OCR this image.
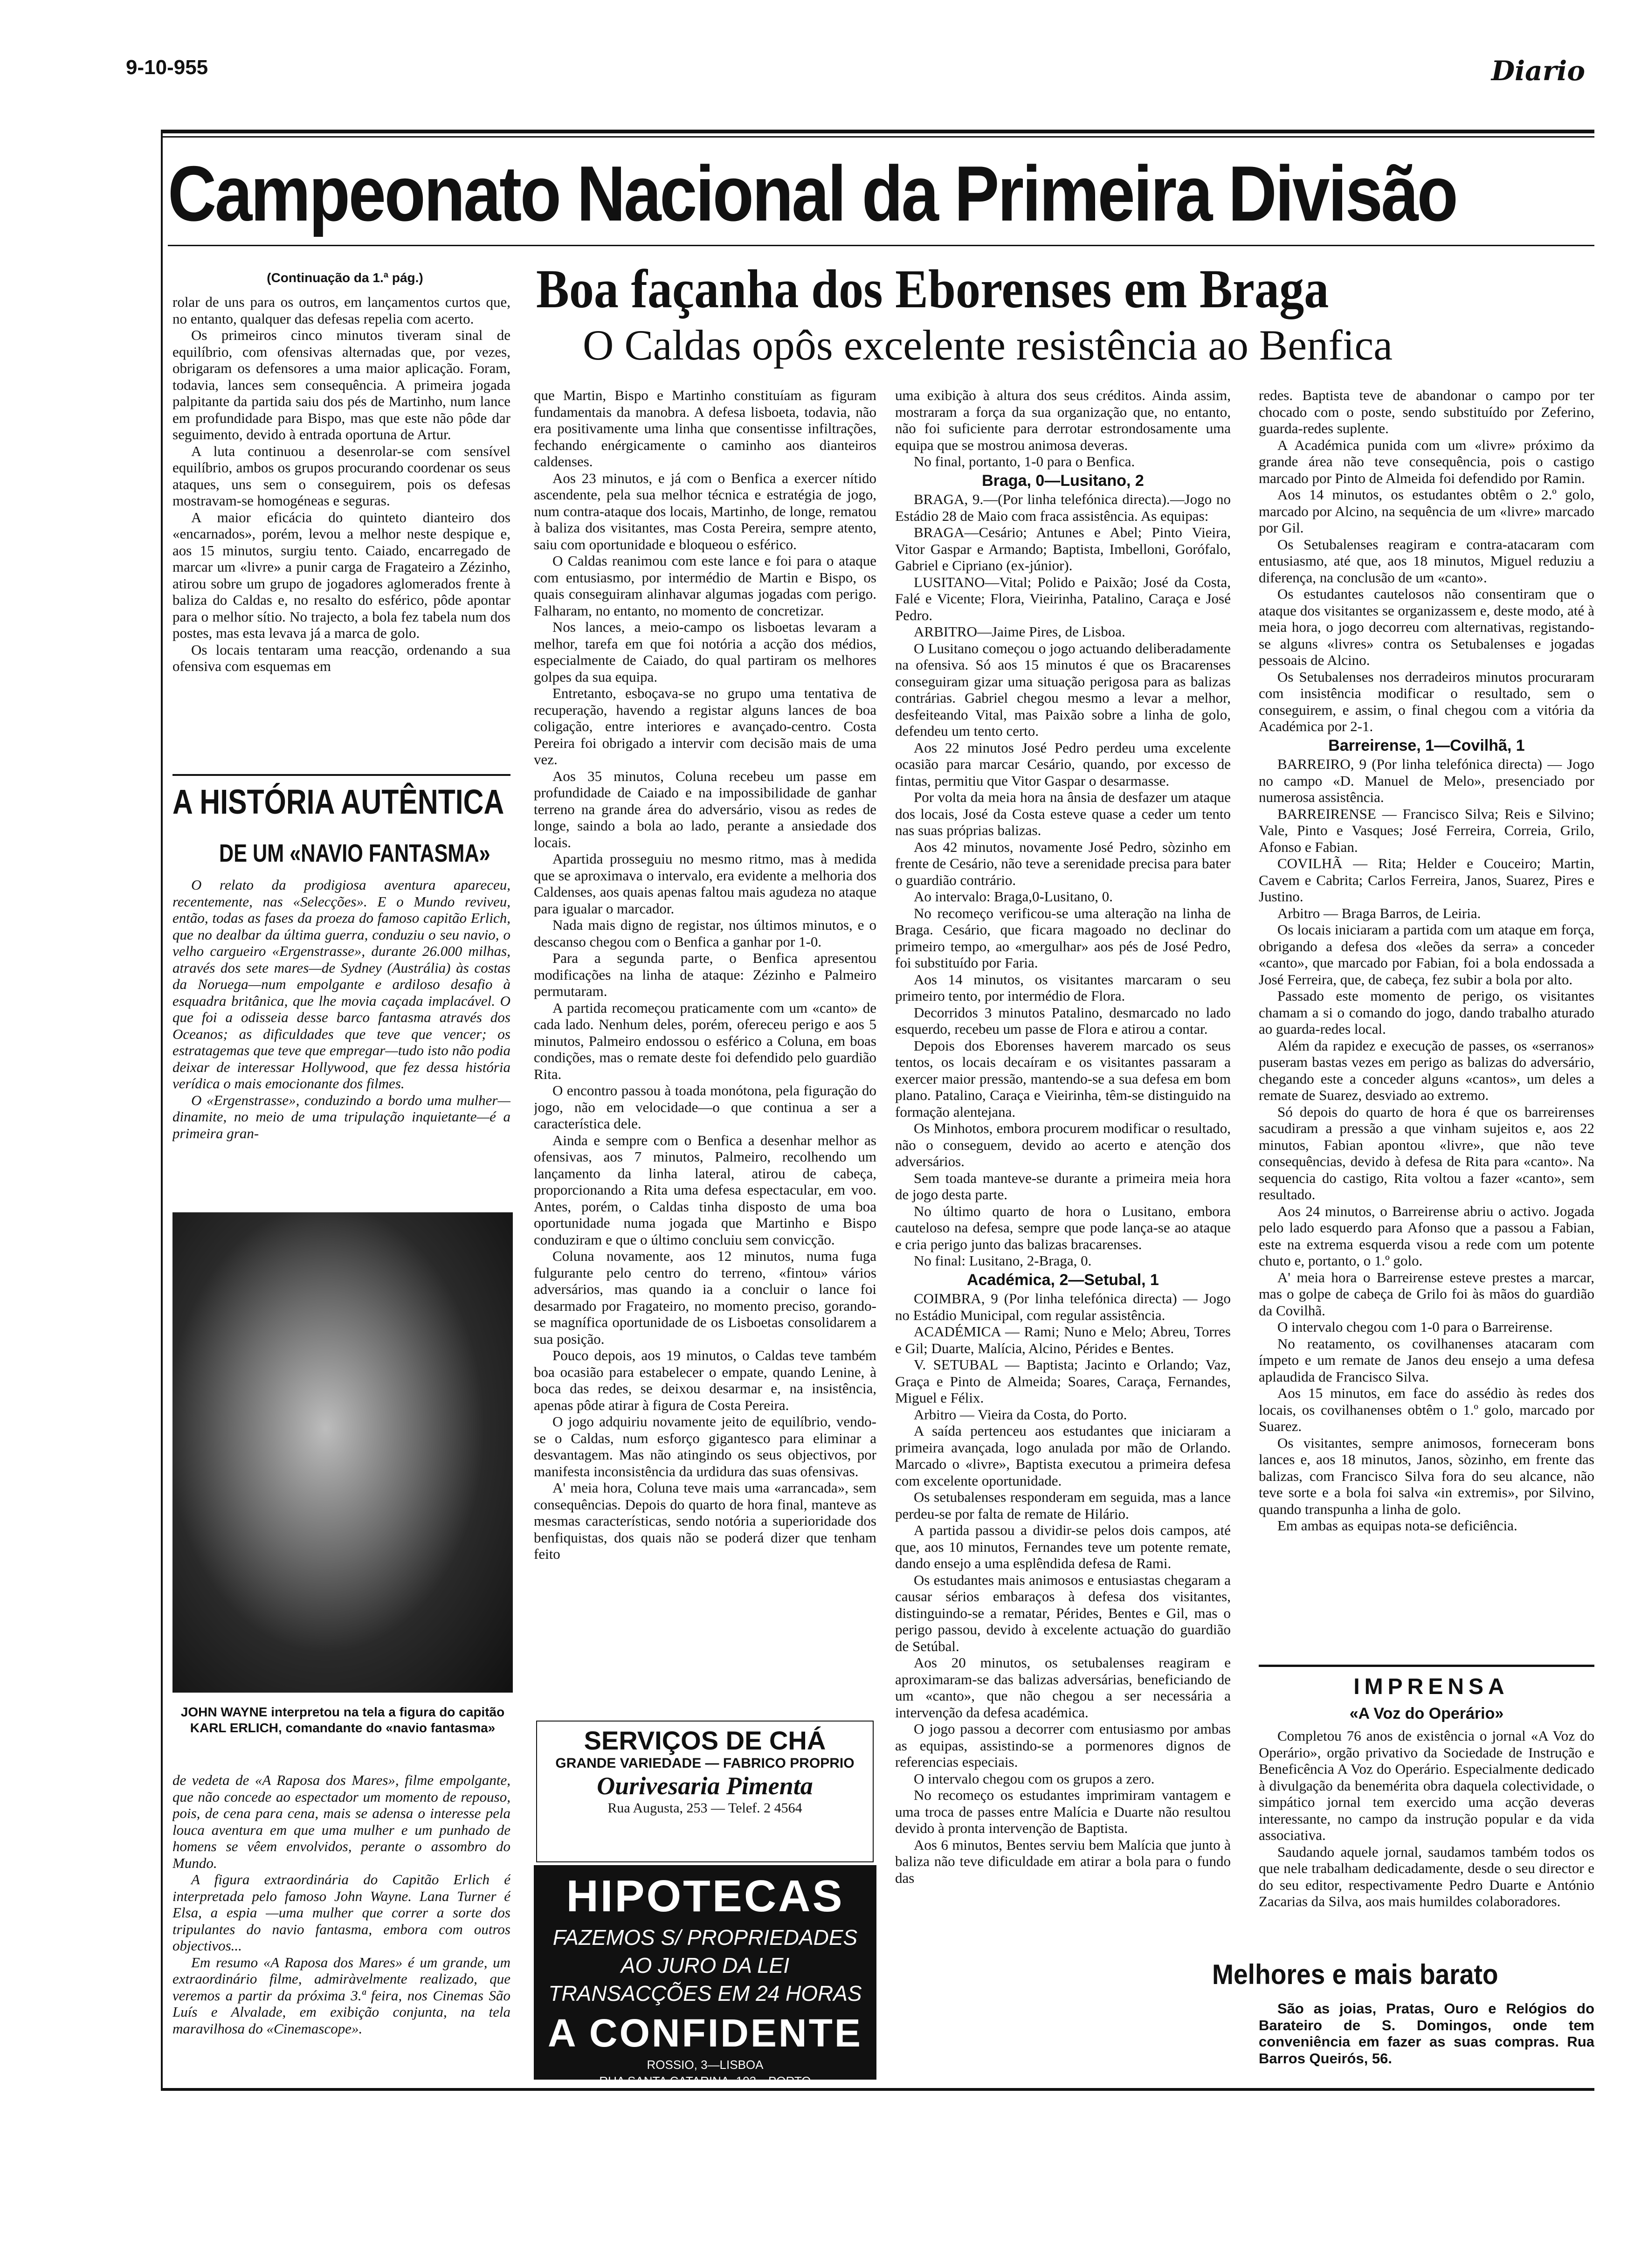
9-10-955	Diario
Campeonato Nacional da Primeira Divisão
(Continuação da 1.ª pág.)	Boa façanha dos Eborenses em Braga
O Caldas opôs excelente resistência ao Benfica

rolar de uns para os outros, em lançamentos curtos que, no entanto, qualquer das defesas repelia com acerto.

Os primeiros cinco minutos tiveram sinal de equilíbrio, com ofensivas alternadas que, por vezes, obrigaram os defensores a uma maior aplicação. Foram, todavia, lances sem consequência. A primeira jogada palpitante da partida saiu dos pés de Martinho, num lance em profundidade para Bispo, mas que este não pôde dar seguimento, devido à entrada oportuna de Artur.

A luta continuou a desenrolar-se com sensível equilíbrio, ambos os grupos procurando coordenar os seus ataques, uns sem o conseguirem, pois os defesas mostravam-se homogéneas e seguras.

A maior eficácia do quinteto dianteiro dos «encarnados», porém, levou a melhor neste despique e, aos 15 minutos, surgiu tento. Caiado, encarregado de marcar um «livre» a punir carga de Fragateiro a Zézinho, atirou sobre um grupo de jogadores aglomerados frente à baliza do Caldas e, no resalto do esférico, pôde apontar para o melhor sítio. No trajecto, a bola fez tabela num dos postes, mas esta levava já a marca de golo.

Os locais tentaram uma reacção, ordenando a sua ofensiva com esquemas em

A HISTÓRIA AUTÊNTICA
DE UM «NAVIO FANTASMA»

O relato da prodigiosa aventura apareceu, recentemente, nas «Selecções». E o Mundo reviveu, então, todas as fases da proeza do famoso capitão Erlich, que no dealbar da última guerra, conduziu o seu navio, o velho cargueiro «Ergenstrasse», durante 26.000 milhas, através dos sete mares—de Sydney (Austrália) às costas da Noruega—num empolgante e ardiloso desafio à esquadra britânica, que lhe movia caçada implacável. O que foi a odisseia desse barco fantasma através dos Oceanos; as dificuldades que teve que vencer; os estratagemas que teve que empregar—tudo isto não podia deixar de interessar Hollywood, que fez dessa história verídica o mais emocionante dos filmes.

O «Ergenstrasse», conduzindo a bordo uma mulher—dinamite, no meio de uma tripulação inquietante—é a primeira gran-

JOHN WAYNE interpretou na tela a figura do capitão KARL ERLICH, comandante do «navio fantasma»

de vedeta de «A Raposa dos Mares», filme empolgante, que não concede ao espectador um momento de repouso, pois, de cena para cena, mais se adensa o interesse pela louca aventura em que uma mulher e um punhado de homens se vêem envolvidos, perante o assombro do Mundo.

A figura extraordinária do Capitão Erlich é interpretada pelo famoso John Wayne. Lana Turner é Elsa, a espia —uma mulher que correr a sorte dos tripulantes do navio fantasma, embora com outros objectivos...

Em resumo «A Raposa dos Mares» é um grande, um extraordinário filme, admiràvelmente realizado, que veremos a partir da próxima 3.ª feira, nos Cinemas São Luís e Alvalade, em exibição conjunta, na tela maravilhosa do «Cinemascope».

que Martin, Bispo e Martinho constituíam as figuram fundamentais da manobra. A defesa lisboeta, todavia, não era positivamente uma linha que consentisse infiltrações, fechando enérgicamente o caminho aos dianteiros caldenses.

Aos 23 minutos, e já com o Benfica a exercer nítido ascendente, pela sua melhor técnica e estratégia de jogo, num contra-ataque dos locais, Martinho, de longe, rematou à baliza dos visitantes, mas Costa Pereira, sempre atento, saiu com oportunidade e bloqueou o esférico.

O Caldas reanimou com este lance e foi para o ataque com entusiasmo, por intermédio de Martin e Bispo, os quais conseguiram alinhavar algumas jogadas com perigo. Falharam, no entanto, no momento de concretizar.

Nos lances, a meio-campo os lisboetas levaram a melhor, tarefa em que foi notória a acção dos médios, especialmente de Caiado, do qual partiram os melhores golpes da sua equipa.

Entretanto, esboçava-se no grupo uma tentativa de recuperação, havendo a registar alguns lances de boa coligação, entre interiores e avançado-centro. Costa Pereira foi obrigado a intervir com decisão mais de uma vez.

Aos 35 minutos, Coluna recebeu um passe em profundidade de Caiado e na impossibilidade de ganhar terreno na grande área do adversário, visou as redes de longe, saindo a bola ao lado, perante a ansiedade dos locais.

Apartida prosseguiu no mesmo ritmo, mas à medida que se aproximava o intervalo, era evidente a melhoria dos Caldenses, aos quais apenas faltou mais agudeza no ataque para igualar o marcador.

Nada mais digno de registar, nos últimos minutos, e o descanso chegou com o Benfica a ganhar por 1-0.

Para a segunda parte, o Benfica apresentou modificações na linha de ataque: Zézinho e Palmeiro permutaram.

A partida recomeçou praticamente com um «canto» de cada lado. Nenhum deles, porém, ofereceu perigo e aos 5 minutos, Palmeiro endossou o esférico a Coluna, em boas condições, mas o remate deste foi defendido pelo guardião Rita.

O encontro passou à toada monótona, pela figuração do jogo, não em velocidade—o que continua a ser a característica dele.

Ainda e sempre com o Benfica a desenhar melhor as ofensivas, aos 7 minutos, Palmeiro, recolhendo um lançamento da linha lateral, atirou de cabeça, proporcionando a Rita uma defesa espectacular, em voo. Antes, porém, o Caldas tinha disposto de uma boa oportunidade numa jogada que Martinho e Bispo conduziram e que o último concluiu sem convicção.

Coluna novamente, aos 12 minutos, numa fuga fulgurante pelo centro do terreno, «fintou» vários adversários, mas quando ia a concluir o lance foi desarmado por Fragateiro, no momento preciso, gorando-se magnífica oportunidade de os Lisboetas consolidarem a sua posição.

Pouco depois, aos 19 minutos, o Caldas teve também boa ocasião para estabelecer o empate, quando Lenine, à boca das redes, se deixou desarmar e, na insistência, apenas pôde atirar à figura de Costa Pereira.

O jogo adquiriu novamente jeito de equilíbrio, vendo-se o Caldas, num esforço gigantesco para eliminar a desvantagem. Mas não atingindo os seus objectivos, por manifesta inconsistência da urdidura das suas ofensivas.

A' meia hora, Coluna teve mais uma «arrancada», sem consequências. Depois do quarto de hora final, manteve as mesmas características, sendo notória a superioridade dos benfiquistas, dos quais não se poderá dizer que tenham feito

SERVIÇOS DE CHÁ
GRANDE VARIEDADE — FABRICO PROPRIO
Ourivesaria Pimenta
Rua Augusta, 253 — Telef. 2 4564
HIPOTECAS
FAZEMOS S/ PROPRIEDADES
AO JURO DA LEI
TRANSACÇÕES EM 24 HORAS
A CONFIDENTE
ROSSIO, 3—LISBOA
RUA SANTA CATARINA, 103—PORTO

uma exibição à altura dos seus créditos. Ainda assim, mostraram a força da sua organização que, no entanto, não foi suficiente para derrotar estrondosamente uma equipa que se mostrou animosa deveras.

No final, portanto, 1-0 para o Benfica.

Braga, 0—Lusitano, 2

BRAGA, 9.—(Por linha telefónica directa).—Jogo no Estádio 28 de Maio com fraca assistência. As equipas:

BRAGA—Cesário; Antunes e Abel; Pinto Vieira, Vitor Gaspar e Armando; Baptista, Imbelloni, Gorófalo, Gabriel e Cipriano (ex-júnior).

LUSITANO—Vital; Polido e Paixão; José da Costa, Falé e Vicente; Flora, Vieirinha, Patalino, Caraça e José Pedro.

ARBITRO—Jaime Pires, de Lisboa.

O Lusitano começou o jogo actuando deliberadamente na ofensiva. Só aos 15 minutos é que os Bracarenses conseguiram gizar uma situação perigosa para as balizas contrárias. Gabriel chegou mesmo a levar a melhor, desfeiteando Vital, mas Paixão sobre a linha de golo, defendeu um tento certo.

Aos 22 minutos José Pedro perdeu uma excelente ocasião para marcar Cesário, quando, por excesso de fintas, permitiu que Vitor Gaspar o desarmasse.

Por volta da meia hora na ânsia de desfazer um ataque dos locais, José da Costa esteve quase a ceder um tento nas suas próprias balizas.

Aos 42 minutos, novamente José Pedro, sòzinho em frente de Cesário, não teve a serenidade precisa para bater o guardião contrário.

Ao intervalo: Braga,0-Lusitano, 0.

No recomeço verificou-se uma alteração na linha de Braga. Cesário, que ficara magoado no declinar do primeiro tempo, ao «mergulhar» aos pés de José Pedro, foi substituído por Faria.

Aos 14 minutos, os visitantes marcaram o seu primeiro tento, por intermédio de Flora.

Decorridos 3 minutos Patalino, desmarcado no lado esquerdo, recebeu um passe de Flora e atirou a contar.

Depois dos Eborenses haverem marcado os seus tentos, os locais decaíram e os visitantes passaram a exercer maior pressão, mantendo-se a sua defesa em bom plano. Patalino, Caraça e Vieirinha, têm-se distinguido na formação alentejana.

Os Minhotos, embora procurem modificar o resultado, não o conseguem, devido ao acerto e atenção dos adversários.

Sem toada manteve-se durante a primeira meia hora de jogo desta parte.

No último quarto de hora o Lusitano, embora cauteloso na defesa, sempre que pode lança-se ao ataque e cria perigo junto das balizas bracarenses.

No final: Lusitano, 2-Braga, 0.

Académica, 2—Setubal, 1

COIMBRA, 9 (Por linha telefónica directa) — Jogo no Estádio Municipal, com regular assistência.

ACADÉMICA — Rami; Nuno e Melo; Abreu, Torres e Gil; Duarte, Malícia, Alcino, Pérides e Bentes.

V. SETUBAL — Baptista; Jacinto e Orlando; Vaz, Graça e Pinto de Almeida; Soares, Caraça, Fernandes, Miguel e Félix.

Arbitro — Vieira da Costa, do Porto.

A saída pertenceu aos estudantes que iniciaram a primeira avançada, logo anulada por mão de Orlando. Marcado o «livre», Baptista executou a primeira defesa com excelente oportunidade.

Os setubalenses responderam em seguida, mas a lance perdeu-se por falta de remate de Hilário.

A partida passou a dividir-se pelos dois campos, até que, aos 10 minutos, Fernandes teve um potente remate, dando ensejo a uma esplêndida defesa de Rami.

Os estudantes mais animosos e entusiastas chegaram a causar sérios embaraços à defesa dos visitantes, distinguindo-se a rematar, Pérides, Bentes e Gil, mas o perigo passou, devido à excelente actuação do guardião de Setúbal.

Aos 20 minutos, os setubalenses reagiram e aproximaram-se das balizas adversárias, beneficiando de um «canto», que não chegou a ser necessária a intervenção da defesa académica.

O jogo passou a decorrer com entusiasmo por ambas as equipas, assistindo-se a pormenores dignos de referencias especiais.

O intervalo chegou com os grupos a zero.

No recomeço os estudantes imprimiram vantagem e uma troca de passes entre Malícia e Duarte não resultou devido à pronta intervenção de Baptista.

Aos 6 minutos, Bentes serviu bem Malícia que junto à baliza não teve dificuldade em atirar a bola para o fundo das

redes. Baptista teve de abandonar o campo por ter chocado com o poste, sendo substituído por Zeferino, guarda-redes suplente.

A Académica punida com um «livre» próximo da grande área não teve consequência, pois o castigo marcado por Pinto de Almeida foi defendido por Ramin.

Aos 14 minutos, os estudantes obtêm o 2.º golo, marcado por Alcino, na sequência de um «livre» marcado por Gil.

Os Setubalenses reagiram e contra-atacaram com entusiasmo, até que, aos 18 minutos, Miguel reduziu a diferença, na conclusão de um «canto».

Os estudantes cautelosos não consentiram que o ataque dos visitantes se organizassem e, deste modo, até à meia hora, o jogo decorreu com alternativas, registando-se alguns «livres» contra os Setubalenses e jogadas pessoais de Alcino.

Os Setubalenses nos derradeiros minutos procuraram com insistência modificar o resultado, sem o conseguirem, e assim, o final chegou com a vitória da Académica por 2-1.

Barreirense, 1—Covilhã, 1

BARREIRO, 9 (Por linha telefónica directa) — Jogo no campo «D. Manuel de Melo», presenciado por numerosa assistência.

BARREIRENSE — Francisco Silva; Reis e Silvino; Vale, Pinto e Vasques; José Ferreira, Correia, Grilo, Afonso e Fabian.

COVILHÃ — Rita; Helder e Couceiro; Martin, Cavem e Cabrita; Carlos Ferreira, Janos, Suarez, Pires e Justino.

Arbitro — Braga Barros, de Leiria.

Os locais iniciaram a partida com um ataque em força, obrigando a defesa dos «leões da serra» a conceder «canto», que marcado por Fabian, foi a bola endossada a José Ferreira, que, de cabeça, fez subir a bola por alto.

Passado este momento de perigo, os visitantes chamam a si o comando do jogo, dando trabalho aturado ao guarda-redes local.

Além da rapidez e execução de passes, os «serranos» puseram bastas vezes em perigo as balizas do adversário, chegando este a conceder alguns «cantos», um deles a remate de Suarez, desviado ao extremo.

Só depois do quarto de hora é que os barreirenses sacudiram a pressão a que vinham sujeitos e, aos 22 minutos, Fabian apontou «livre», que não teve consequências, devido à defesa de Rita para «canto». Na sequencia do castigo, Rita voltou a fazer «canto», sem resultado.

Aos 24 minutos, o Barreirense abriu o activo. Jogada pelo lado esquerdo para Afonso que a passou a Fabian, este na extrema esquerda visou a rede com um potente chuto e, portanto, o 1.º golo.

A' meia hora o Barreirense esteve prestes a marcar, mas o golpe de cabeça de Grilo foi às mãos do guardião da Covilhã.

O intervalo chegou com 1-0 para o Barreirense.

No reatamento, os covilhanenses atacaram com ímpeto e um remate de Janos deu ensejo a uma defesa aplaudida de Francisco Silva.

Aos 15 minutos, em face do assédio às redes dos locais, os covilhanenses obtêm o 1.º golo, marcado por Suarez.

Os visitantes, sempre animosos, forneceram bons lances e, aos 18 minutos, Janos, sòzinho, em frente das balizas, com Francisco Silva fora do seu alcance, não teve sorte e a bola foi salva «in extremis», por Silvino, quando transpunha a linha de golo.

Em ambas as equipas nota-se deficiência.

IMPRENSA
«A Voz do Operário»

Completou 76 anos de existência o jornal «A Voz do Operário», orgão privativo da Sociedade de Instrução e Beneficência A Voz do Operário. Especialmente dedicado à divulgação da benemérita obra daquela colectividade, o simpático jornal tem exercido uma acção deveras interessante, no campo da instrução popular e da vida associativa.

Saudando aquele jornal, saudamos também todos os que nele trabalham dedicadamente, desde o seu director e do seu editor, respectivamente Pedro Duarte e António Zacarias da Silva, aos mais humildes colaboradores.

Melhores e mais barato

São as joias, Pratas, Ouro e Relógios do Barateiro de S. Domingos, onde tem conveniência em fazer as suas compras. Rua Barros Queirós, 56.
